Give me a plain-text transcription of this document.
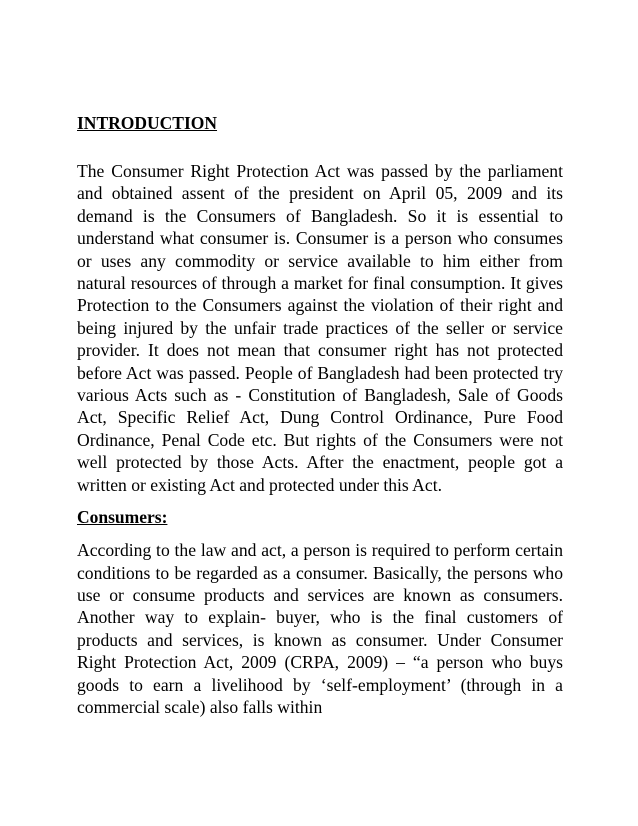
INTRODUCTION

The Consumer Right Protection Act was passed by the parliament and obtained assent of the president on April 05, 2009 and its demand is the Consumers of Bangladesh. So it is essential to understand what consumer is. Consumer is a person who consumes or uses any commodity or service available to him either from natural resources of through a market for final consumption. It gives Protection to the Consumers against the violation of their right and being injured by the unfair trade practices of the seller or service provider. It does not mean that consumer right has not protected before Act was passed. People of Bangladesh had been protected try various Acts such as - Constitution of Bangladesh, Sale of Goods Act, Specific Relief Act, Dung Control Ordinance, Pure Food Ordinance, Penal Code etc. But rights of the Consumers were not well protected by those Acts. After the enactment, people got a written or existing Act and protected under this Act.

Consumers:

According to the law and act, a person is required to perform certain conditions to be regarded as a consumer. Basically, the persons who use or consume products and services are known as consumers. Another way to explain- buyer, who is the final customers of products and services, is known as consumer. Under Consumer Right Protection Act, 2009 (CRPA, 2009) – “a person who buys goods to earn a livelihood by ‘self-employment’ (through in a commercial scale) also falls within
